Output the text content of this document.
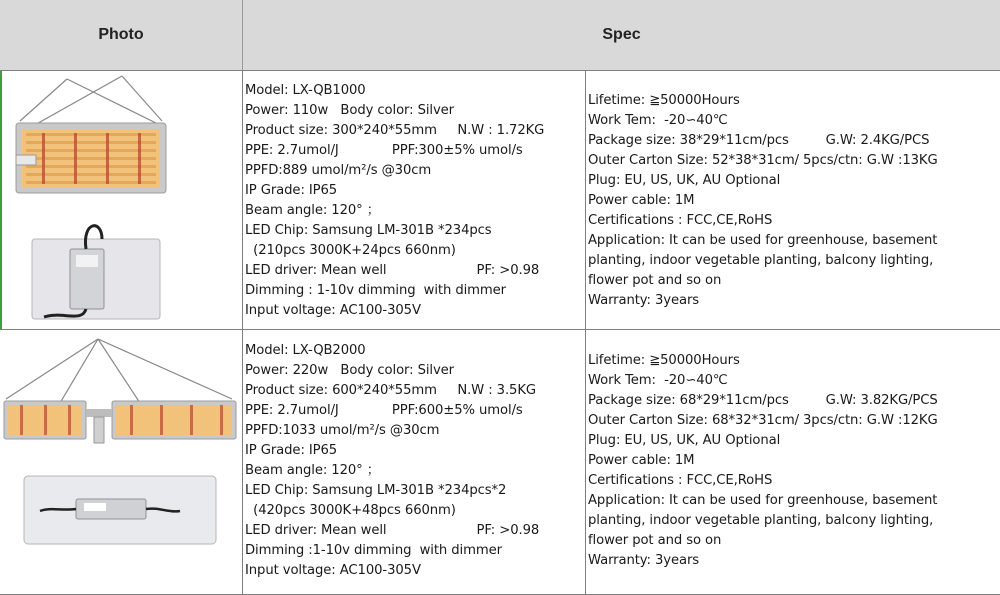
Photo	Spec
Model: LX-QB1000
Power: 110w   Body color: Silver
Product size: 300*240*55mm     N.W : 1.72KG
PPE: 2.7umol/J             PPF:300±5% umol/s
PPFD:889 umol/m²/s @30cm
IP Grade: IP65
Beam angle: 120° ；
LED Chip: Samsung LM-301B *234pcs
(210pcs 3000K+24pcs 660nm)
LED driver: Mean well                      PF: >0.98
Dimming : 1-10v dimming  with dimmer
Input voltage: AC100-305V
Lifetime: ≧50000Hours
Work Tem:  -20∽40℃
Package size: 38*29*11cm/pcs         G.W: 2.4KG/PCS
Outer Carton Size: 52*38*31cm/ 5pcs/ctn: G.W :13KG
Plug: EU, US, UK, AU Optional
Power cable: 1M
Certifications : FCC,CE,RoHS
Application: It can be used for greenhouse, basement
planting, indoor vegetable planting, balcony lighting,
flower pot and so on
Warranty: 3years
Model: LX-QB2000
Power: 220w   Body color: Silver
Product size: 600*240*55mm     N.W : 3.5KG
PPE: 2.7umol/J             PPF:600±5% umol/s
PPFD:1033 umol/m²/s @30cm
IP Grade: IP65
Beam angle: 120° ；
LED Chip: Samsung LM-301B *234pcs*2
(420pcs 3000K+48pcs 660nm)
LED driver: Mean well                      PF: >0.98
Dimming :1-10v dimming  with dimmer
Input voltage: AC100-305V
Lifetime: ≧50000Hours
Work Tem:  -20∽40℃
Package size: 68*29*11cm/pcs         G.W: 3.82KG/PCS
Outer Carton Size: 68*32*31cm/ 3pcs/ctn: G.W :12KG
Plug: EU, US, UK, AU Optional
Power cable: 1M
Certifications : FCC,CE,RoHS
Application: It can be used for greenhouse, basement
planting, indoor vegetable planting, balcony lighting,
flower pot and so on
Warranty: 3years
